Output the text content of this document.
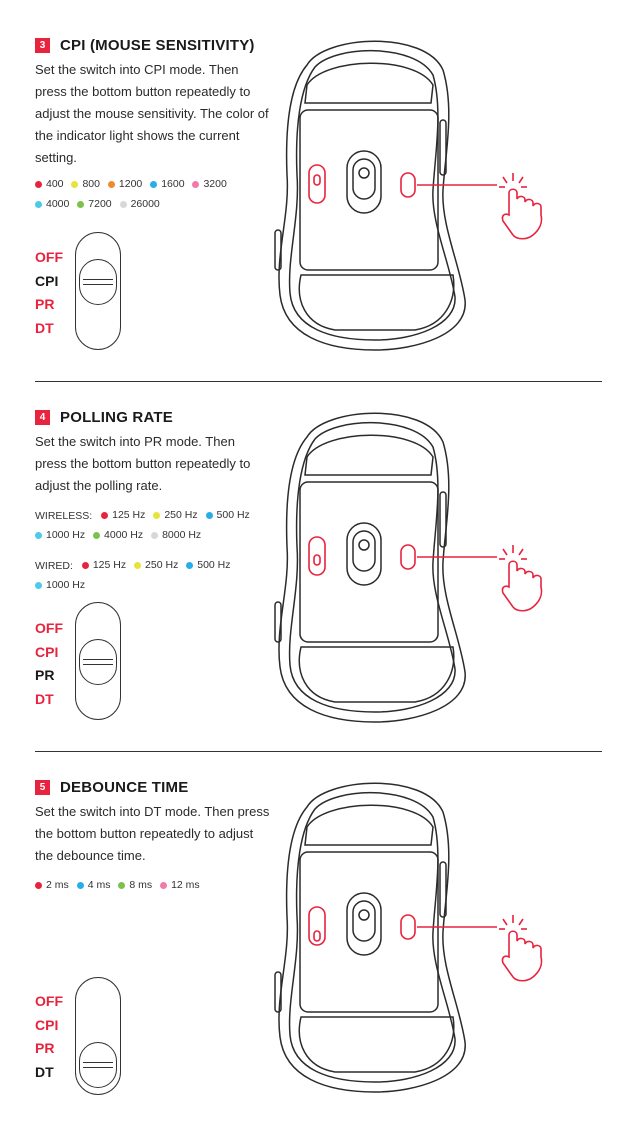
3 CPI (MOUSE SENSITIVITY)
Set the switch into CPI mode. Then press the bottom button repeatedly to adjust the mouse sensitivity. The color of the indicator light shows the current setting.
400
800
1200
1600
3200

4000
7200
26000
OFF
CPI
PR
DT
4 POLLING RATE
Set the switch into PR mode. Then press the bottom button repeatedly to adjust the polling rate.
WIRELESS: 125 Hz
250 Hz
500 Hz

1000 Hz
4000 Hz
8000 Hz
WIRED: 125 Hz
250 Hz
500 Hz

1000 Hz
OFF
CPI
PR
DT
5 DEBOUNCE TIME
Set the switch into DT mode. Then press the bottom button repeatedly to adjust the debounce time.
2 ms
4 ms
8 ms
12 ms
OFF
CPI
PR
DT
